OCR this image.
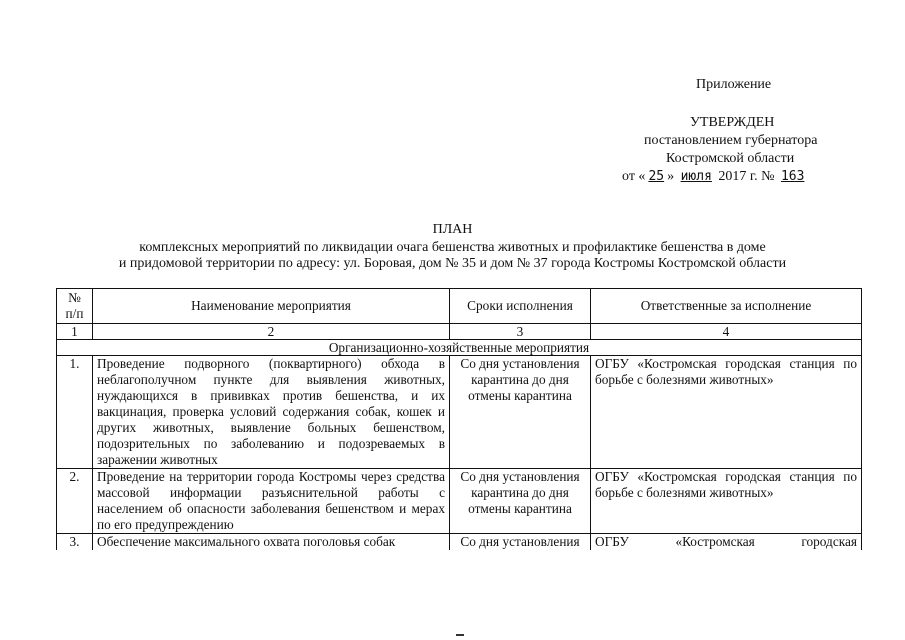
Приложение
УТВЕРЖДЕН
постановлением губернатора
Костромской области
от « 25 » июля 2017 г. № 163
ПЛАН
комплексных мероприятий по ликвидации очага бешенства животных и профилактике бешенства в доме
и придомовой территории по адресу: ул. Боровая, дом № 35 и дом № 37 города Костромы Костромской области
№
п/п	Наименование мероприятия	Сроки исполнения	Ответственные за исполнение
1	2	3	4
Организационно-хозяйственные мероприятия			
1.	Проведение подворного (поквартирного) обхода в неблагополучном пункте для выявления животных, нуждающихся в прививках против бешенства, и их вакцинация, проверка условий содержания собак, кошек и других животных, выявление больных бешенством, подозрительных по заболеванию и подозреваемых в заражении животных	Со дня установления карантина до дня отмены карантина	ОГБУ «Костромская городская станция по борьбе с болезнями животных»
2.	Проведение на территории города Костромы через средства массовой информации разъяснительной работы с населением об опасности заболевания бешенством и мерах по его предупреждению	Со дня установления карантина до дня отмены карантина	ОГБУ «Костромская городская станция по борьбе с болезнями животных»
3.	Обеспечение максимального охвата поголовья собак	Со дня установления	ОГБУ «Костромская городская
